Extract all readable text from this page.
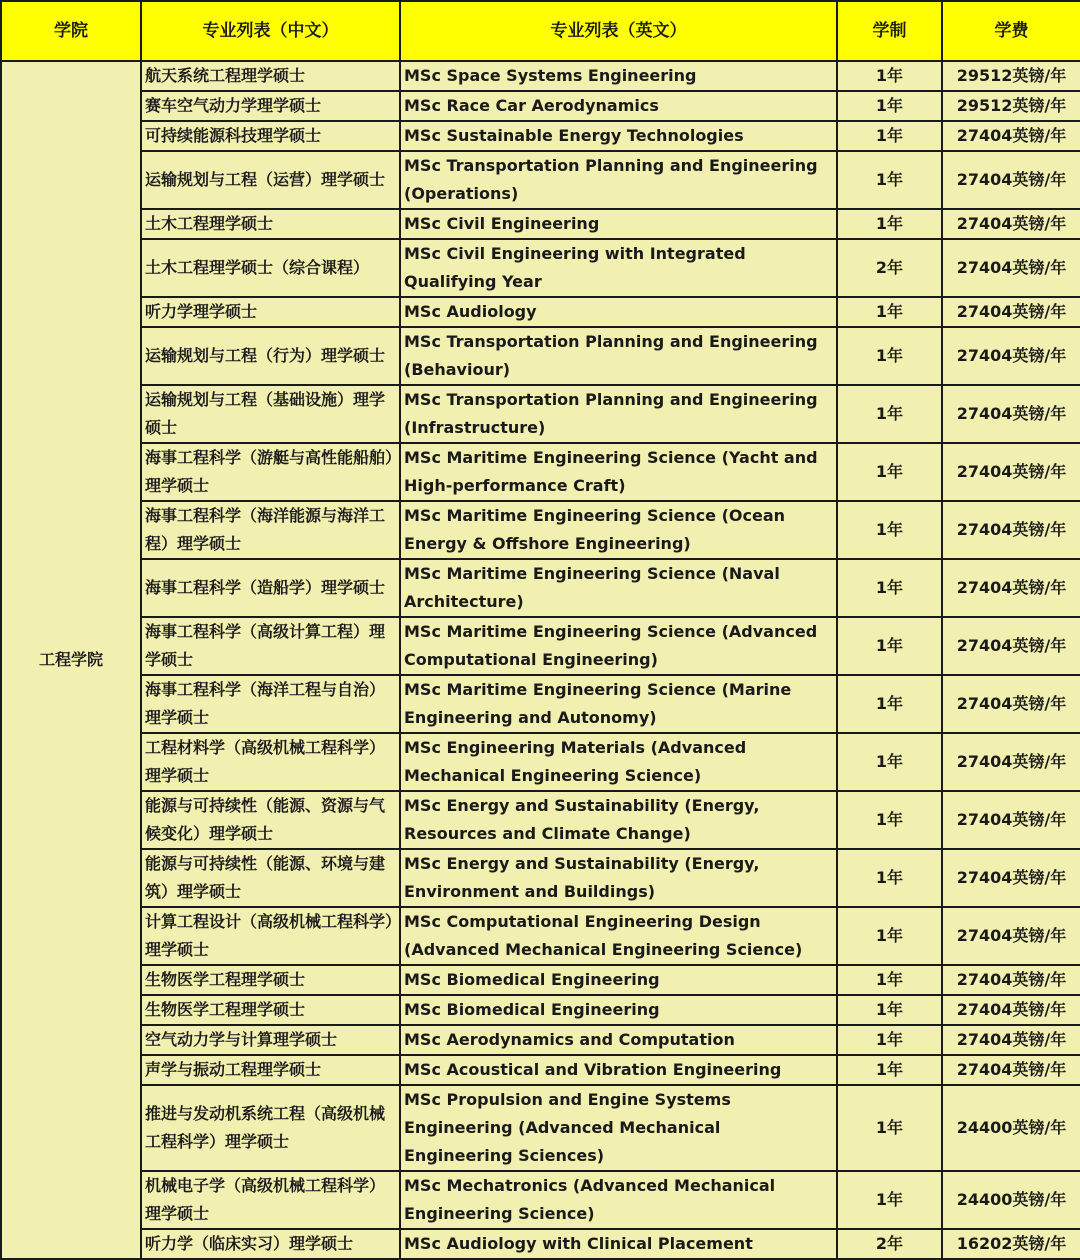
学院	专业列表（中文）	专业列表（英文）	学制	学费
工程学院	航天系统工程理学硕士	MSc Space Systems Engineering	1年	29512英镑/年
	赛车空气动力学理学硕士	MSc Race Car Aerodynamics	1年	29512英镑/年
	可持续能源科技理学硕士	MSc Sustainable Energy Technologies	1年	27404英镑/年
	运输规划与工程（运营）理学硕士	MSc Transportation Planning and Engineering (Operations)	1年	27404英镑/年
	土木工程理学硕士	MSc Civil Engineering	1年	27404英镑/年
	土木工程理学硕士（综合课程）	MSc Civil Engineering with Integrated Qualifying Year	2年	27404英镑/年
	听力学理学硕士	MSc Audiology	1年	27404英镑/年
	运输规划与工程（行为）理学硕士	MSc Transportation Planning and Engineering (Behaviour)	1年	27404英镑/年
	运输规划与工程（基础设施）理学硕士	MSc Transportation Planning and Engineering (Infrastructure)	1年	27404英镑/年
	海事工程科学（游艇与高性能船舶）理学硕士	MSc Maritime Engineering Science (Yacht and High-performance Craft)	1年	27404英镑/年
	海事工程科学（海洋能源与海洋工程）理学硕士	MSc Maritime Engineering Science (Ocean Energy & Offshore Engineering)	1年	27404英镑/年
	海事工程科学（造船学）理学硕士	MSc Maritime Engineering Science (Naval Architecture)	1年	27404英镑/年
	海事工程科学（高级计算工程）理学硕士	MSc Maritime Engineering Science (Advanced Computational Engineering)	1年	27404英镑/年
	海事工程科学（海洋工程与自治）理学硕士	MSc Maritime Engineering Science (Marine Engineering and Autonomy)	1年	27404英镑/年
	工程材料学（高级机械工程科学）理学硕士	MSc Engineering Materials (Advanced Mechanical Engineering Science)	1年	27404英镑/年
	能源与可持续性（能源、资源与气候变化）理学硕士	MSc Energy and Sustainability (Energy, Resources and Climate Change)	1年	27404英镑/年
	能源与可持续性（能源、环境与建筑）理学硕士	MSc Energy and Sustainability (Energy, Environment and Buildings)	1年	27404英镑/年
	计算工程设计（高级机械工程科学）理学硕士	MSc Computational Engineering Design (Advanced Mechanical Engineering Science)	1年	27404英镑/年
	生物医学工程理学硕士	MSc Biomedical Engineering	1年	27404英镑/年
	生物医学工程理学硕士	MSc Biomedical Engineering	1年	27404英镑/年
	空气动力学与计算理学硕士	MSc Aerodynamics and Computation	1年	27404英镑/年
	声学与振动工程理学硕士	MSc Acoustical and Vibration Engineering	1年	27404英镑/年
	推进与发动机系统工程（高级机械工程科学）理学硕士	MSc Propulsion and Engine Systems Engineering (Advanced Mechanical Engineering Sciences)	1年	24400英镑/年
	机械电子学（高级机械工程科学）理学硕士	MSc Mechatronics (Advanced Mechanical Engineering Science)	1年	24400英镑/年
	听力学（临床实习）理学硕士	MSc Audiology with Clinical Placement	2年	16202英镑/年
